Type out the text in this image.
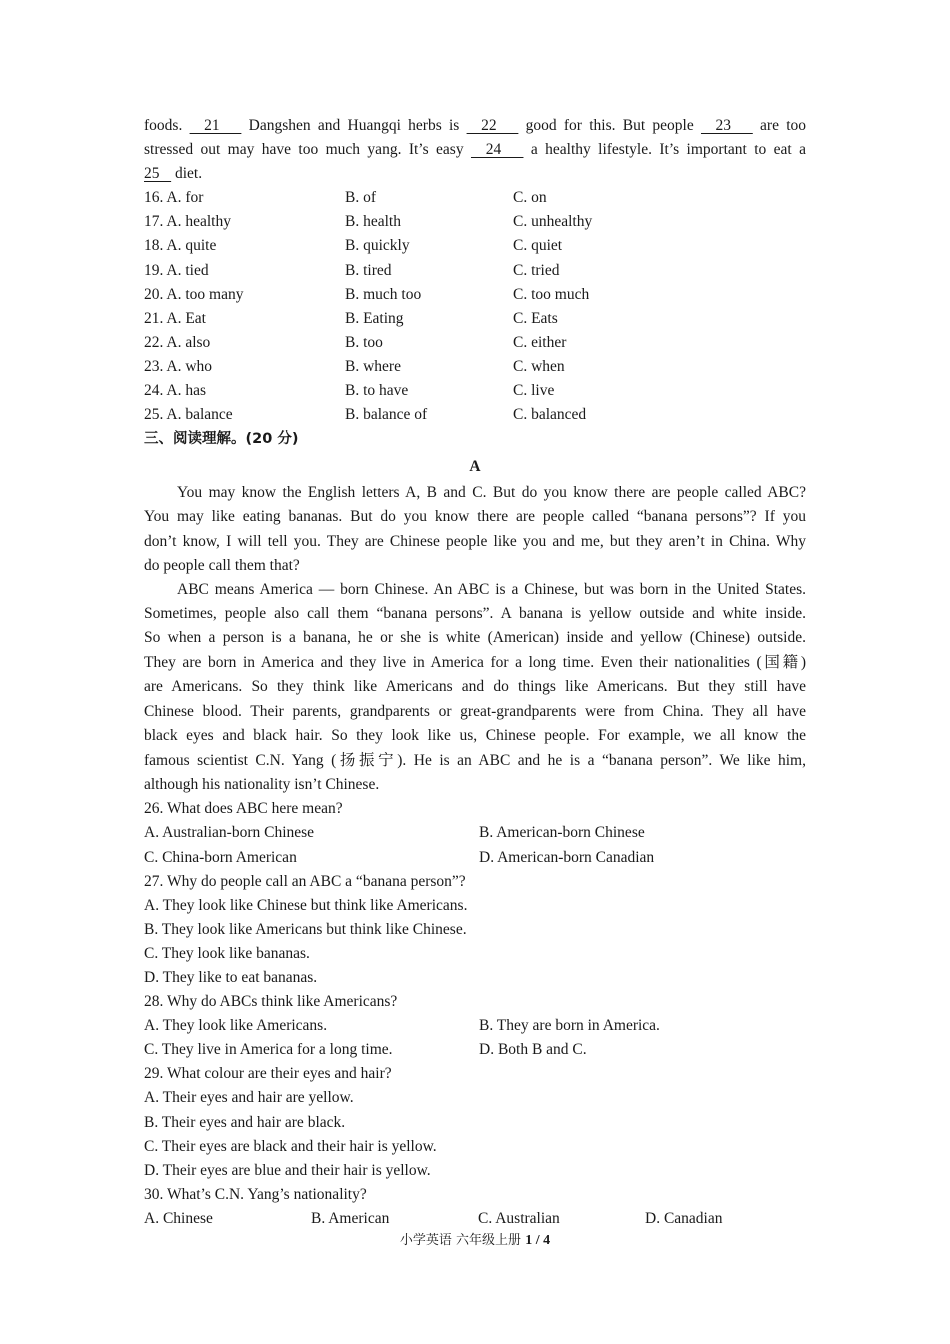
foods.   21    Dangshen and Huangqi herbs is   22    good for this. But people   23    are too
stressed out may have too much yang. It’s easy   24    a healthy lifestyle. It’s important to eat a
25    diet.
16. A. for	B. of	C. on
17. A. healthy	B. health	C. unhealthy
18. A. quite	B. quickly	C. quiet
19. A. tied	B. tired	C. tried
20. A. too many	B. much too	C. too much
21. A. Eat	B. Eating	C. Eats
22. A. also	B. too	C. either
23. A. who	B. where	C. when
24. A. has	B. to have	C. live
25. A. balance	B. balance of	C. balanced
三、阅读理解。(20 分)
A
You may know the English letters A, B and C. But do you know there are people called ABC?
You may like eating bananas. But do you know there are people called “banana persons”? If you
don’t know, I will tell you. They are Chinese people like you and me, but they aren’t in China. Why
do people call them that?
ABC means America — born Chinese. An ABC is a Chinese, but was born in the United States.
Sometimes, people also call them “banana persons”. A banana is yellow outside and white inside.
So when a person is a banana, he or she is white (American) inside and yellow (Chinese) outside.
They are born in America and they live in America for a long time. Even their nationalities (国籍)
are Americans. So they think like Americans and do things like Americans. But they still have
Chinese blood. Their parents, grandparents or great-grandparents were from China. They all have
black eyes and black hair. So they look like us, Chinese people. For example, we all know the
famous scientist C.N. Yang (扬振宁). He is an ABC and he is a “banana person”. We like him,
although his nationality isn’t Chinese.
26. What does ABC here mean?
A. Australian-born Chinese	B. American-born Chinese
C. China-born American	D. American-born Canadian
27. Why do people call an ABC a “banana person”?
A. They look like Chinese but think like Americans.
B. They look like Americans but think like Chinese.
C. They look like bananas.
D. They like to eat bananas.
28. Why do ABCs think like Americans?
A. They look like Americans.	B. They are born in America.
C. They live in America for a long time.	D. Both B and C.
29. What colour are their eyes and hair?
A. Their eyes and hair are yellow.
B. Their eyes and hair are black.
C. Their eyes are black and their hair is yellow.
D. Their eyes are blue and their hair is yellow.
30. What’s C.N. Yang’s nationality?
A. Chinese	B. American	C. Australian	D. Canadian
小学英语 六年级上册 1 / 4
